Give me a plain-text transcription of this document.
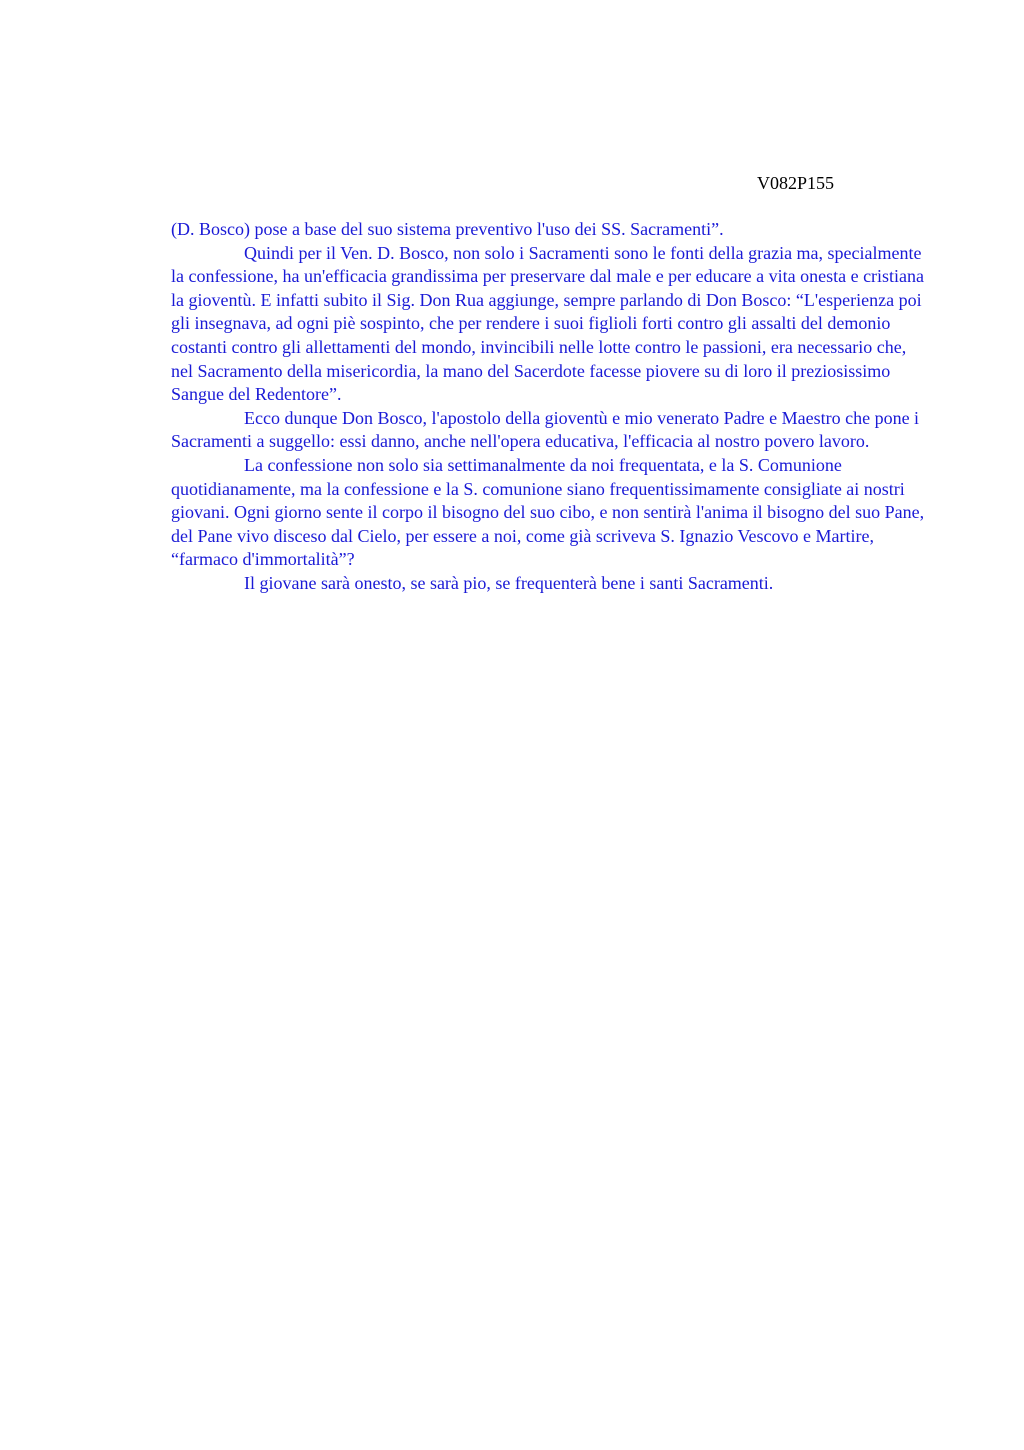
V082P155

(D. Bosco) pose a base del suo sistema preventivo l'uso dei SS. Sacramenti”.

Quindi per il Ven. D. Bosco, non solo i Sacramenti sono le fonti della grazia ma, specialmente la confessione, ha un'efficacia grandissima per preservare dal male e per educare a vita onesta e cristiana la gioventù. E infatti subito il Sig. Don Rua aggiunge, sempre parlando di Don Bosco: “L'esperienza poi gli insegnava, ad ogni piè sospinto, che per rendere i suoi figlioli forti contro gli assalti del demonio costanti contro gli allettamenti del mondo, invincibili nelle lotte contro le passioni, era necessario che, nel Sacramento della misericordia, la mano del Sacerdote facesse piovere su di loro il preziosissimo Sangue del Redentore”.

Ecco dunque Don Bosco, l'apostolo della gioventù e mio venerato Padre e Maestro che pone i Sacramenti a suggello: essi danno, anche nell'opera educativa, l'efficacia al nostro povero lavoro.

La confessione non solo sia settimanalmente da noi frequentata, e la S. Comunione quotidianamente, ma la confessione e la S. comunione siano frequentissimamente consigliate ai nostri giovani. Ogni giorno sente il corpo il bisogno del suo cibo, e non sentirà l'anima il bisogno del suo Pane, del Pane vivo disceso dal Cielo, per essere a noi, come già scriveva S. Ignazio Vescovo e Martire, “farmaco d'immortalità”?

Il giovane sarà onesto, se sarà pio, se frequenterà bene i santi Sacramenti.
